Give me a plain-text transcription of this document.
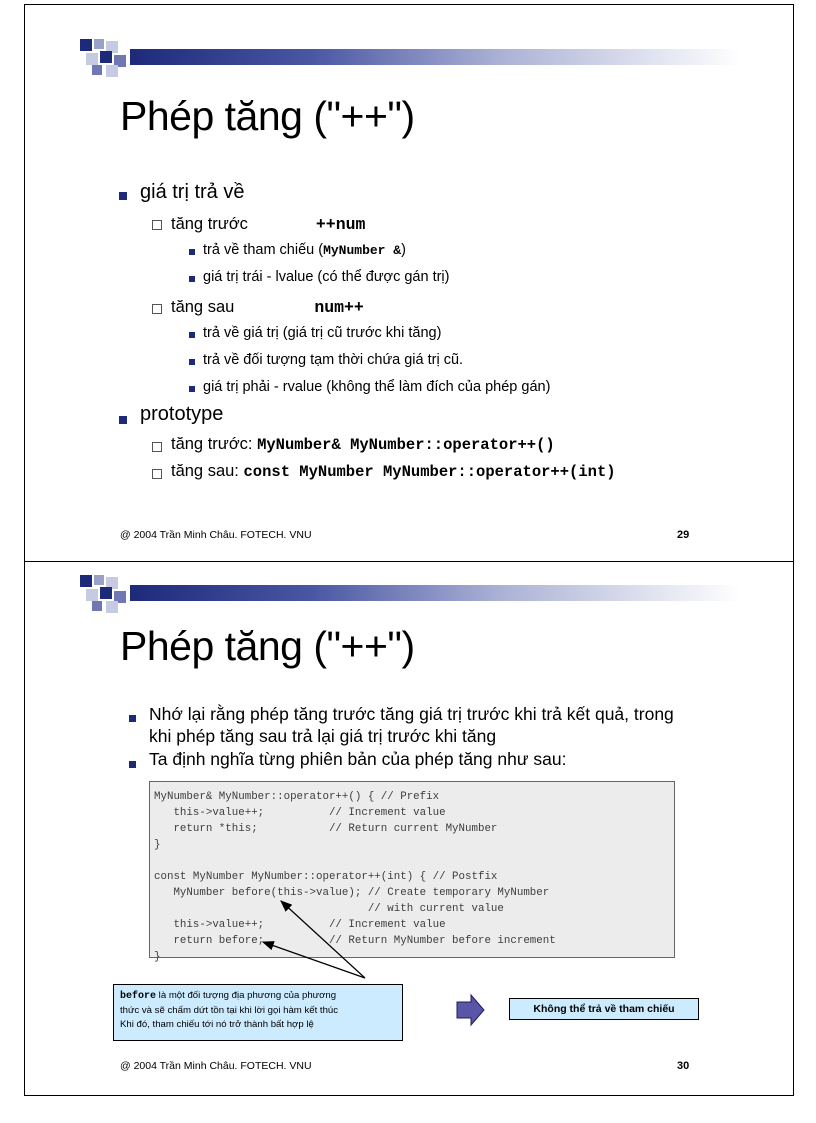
Phép tăng ("++")
giá trị trả về
tăng trước	++num
trả về tham chiếu (MyNumber &)
giá trị trái - lvalue (có thể được gán trị)
tăng sau	num++
trả về giá trị (giá trị cũ trước khi tăng)
trả về đối tượng tạm thời chứa giá trị cũ.
giá trị phải - rvalue (không thể làm đích của phép gán)
prototype
tăng trước: MyNumber& MyNumber::operator++()
tăng sau: const MyNumber MyNumber::operator++(int)
@ 2004 Trần Minh Châu. FOTECH. VNU	29
Phép tăng ("++")
Nhớ lại rằng phép tăng trước tăng giá trị trước khi trả kết quả, trong
khi phép tăng sau trả lại giá trị trước khi tăng
Ta định nghĩa từng phiên bản của phép tăng như sau:
MyNumber& MyNumber::operator++() { // Prefix
this->value++;          // Increment value
return *this;           // Return current MyNumber
}
const MyNumber MyNumber::operator++(int) { // Postfix
MyNumber before(this->value); // Create temporary MyNumber
// with current value
this->value++;          // Increment value
return before;          // Return MyNumber before increment
}
before là một đối tượng địa phương của phương
thức và sẽ chấm dứt tồn tại khi lời gọi hàm kết thúc
Khi đó, tham chiếu tới nó trở thành bất hợp lệ
Không thể trả về tham chiếu
@ 2004 Trần Minh Châu. FOTECH. VNU	30
